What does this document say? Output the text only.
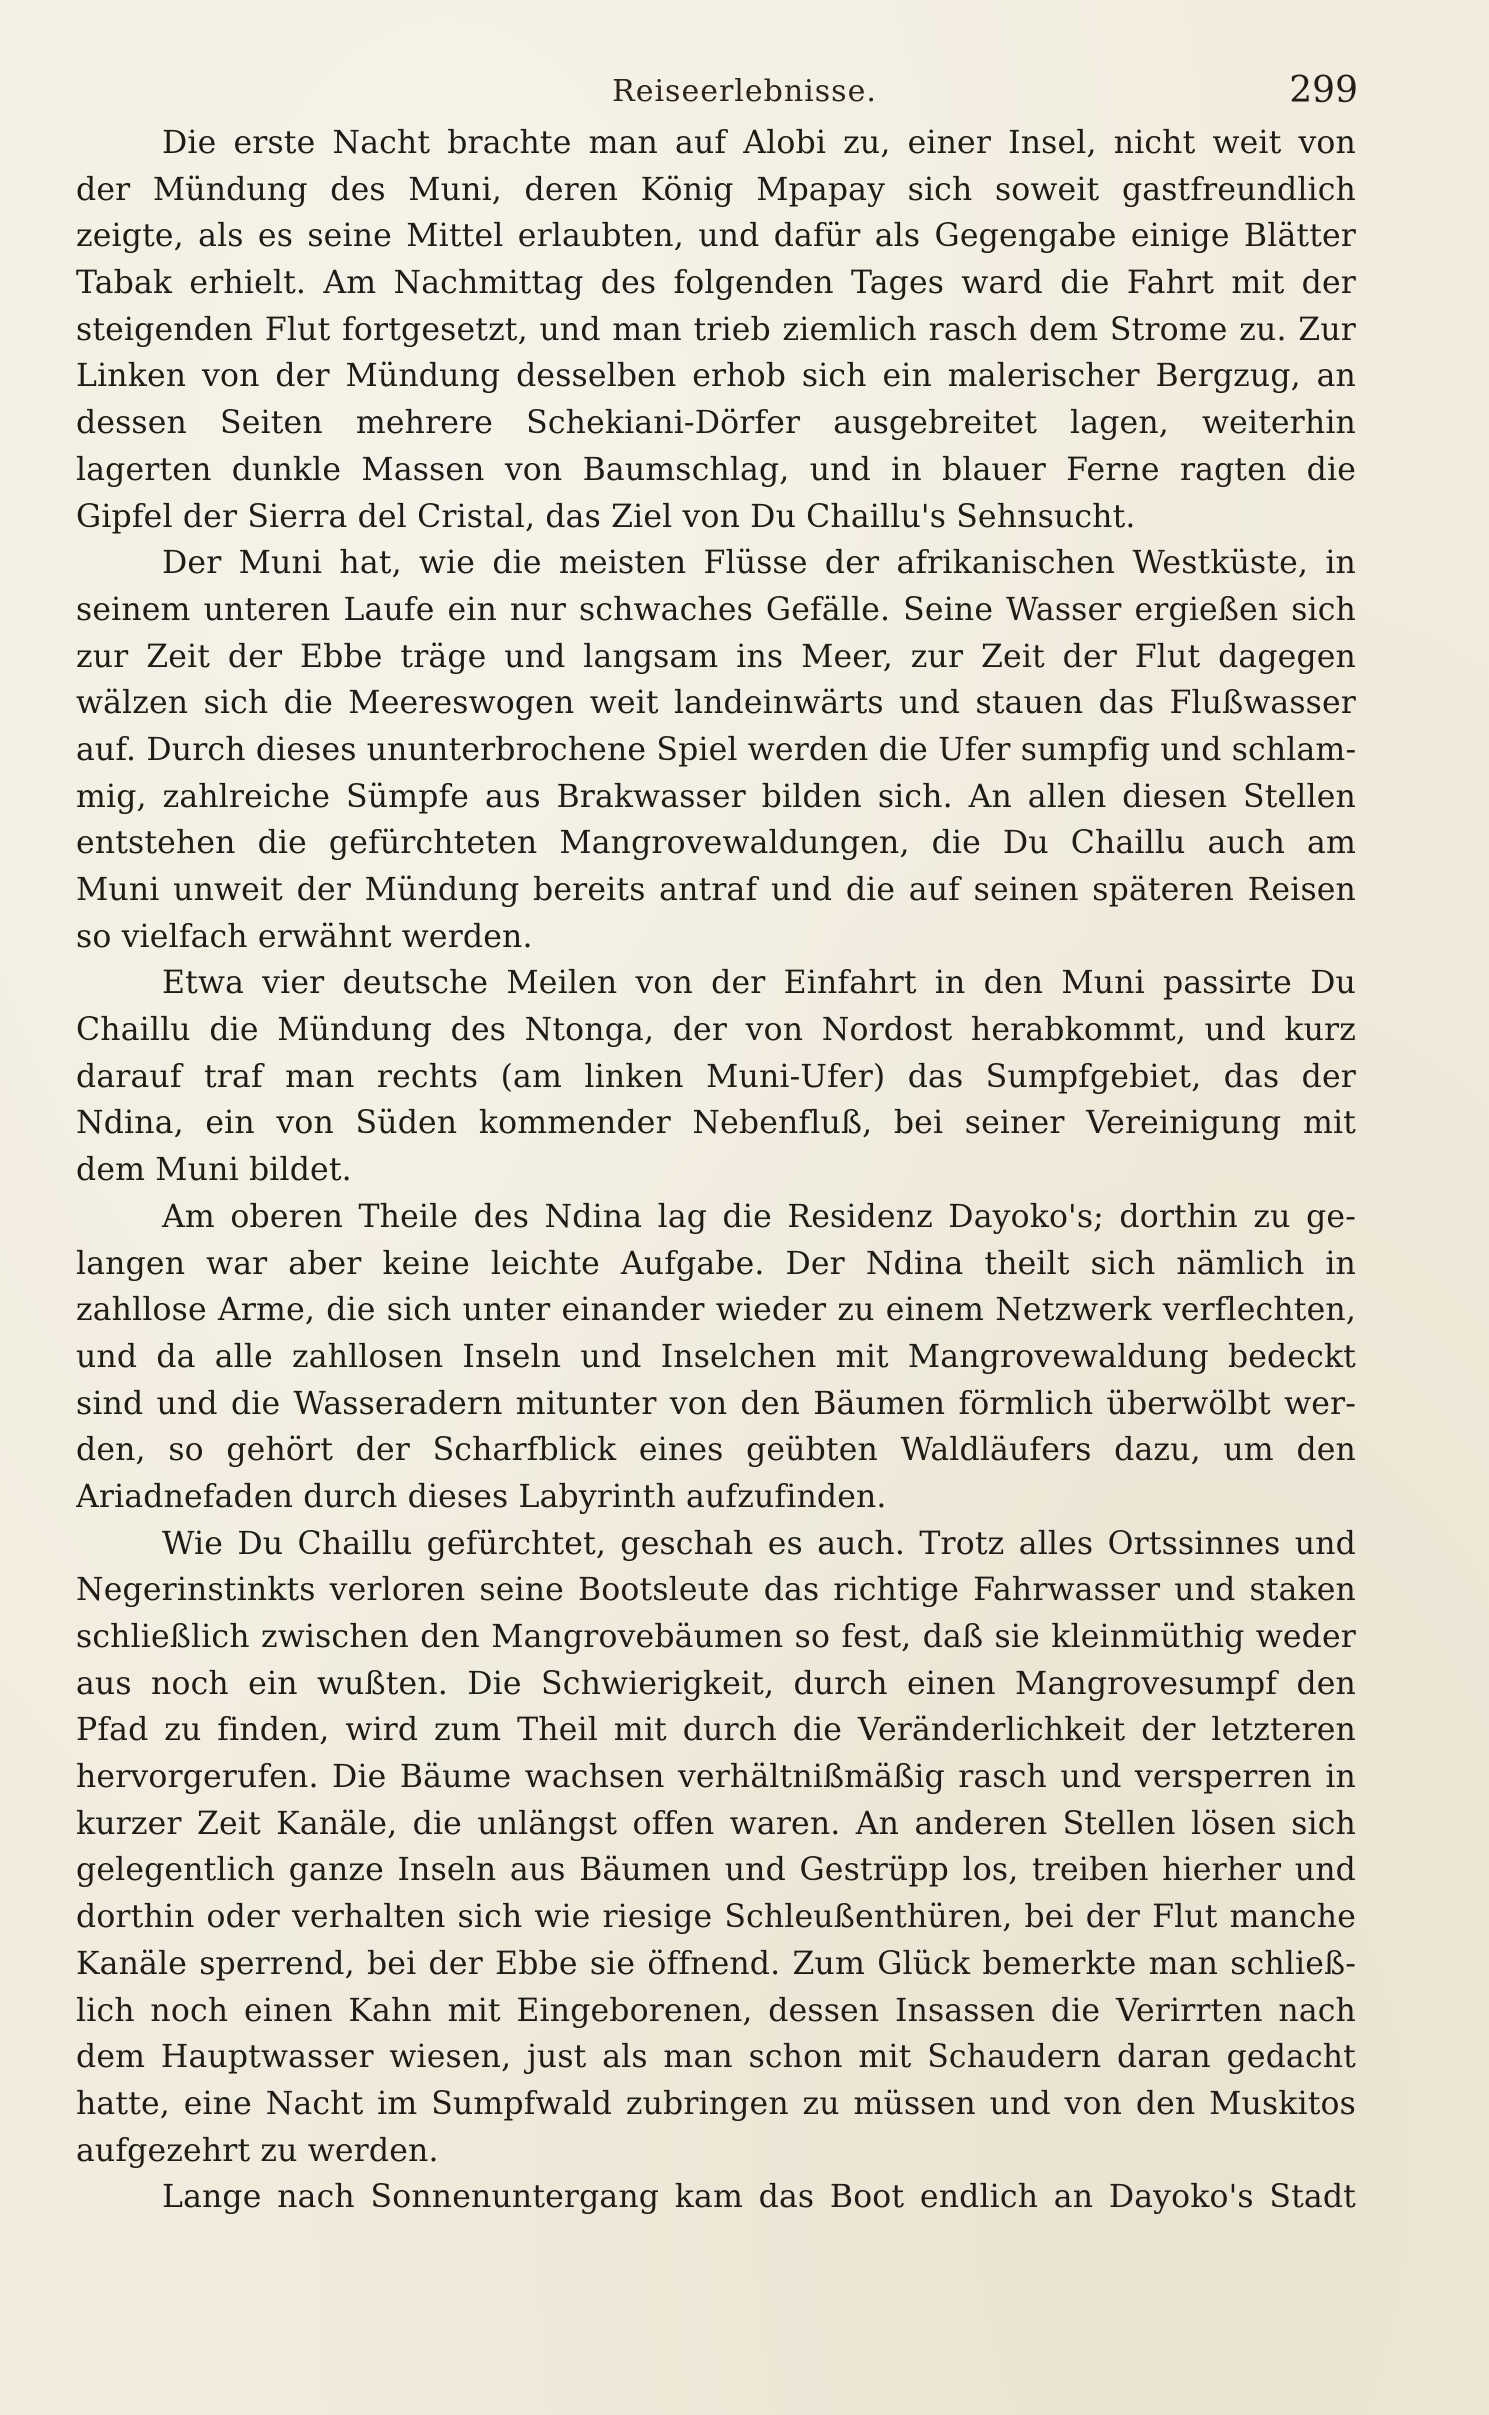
Reiseerlebnisse.	299
Die erste Nacht brachte man auf Alobi zu, einer Insel, nicht weit von
der Mündung des Muni, deren König Mpapay sich soweit gastfreundlich
zeigte, als es seine Mittel erlaubten, und dafür als Gegengabe einige Blätter
Tabak erhielt. Am Nachmittag des folgenden Tages ward die Fahrt mit der
steigenden Flut fortgesetzt, und man trieb ziemlich rasch dem Strome zu. Zur
Linken von der Mündung desselben erhob sich ein malerischer Bergzug, an
dessen Seiten mehrere Schekiani-Dörfer ausgebreitet lagen, weiterhin
lagerten dunkle Massen von Baumschlag, und in blauer Ferne ragten die
Gipfel der Sierra del Cristal, das Ziel von Du Chaillu's Sehnsucht.
Der Muni hat, wie die meisten Flüsse der afrikanischen Westküste, in
seinem unteren Laufe ein nur schwaches Gefälle. Seine Wasser ergießen sich
zur Zeit der Ebbe träge und langsam ins Meer, zur Zeit der Flut dagegen
wälzen sich die Meereswogen weit landeinwärts und stauen das Flußwasser
auf. Durch dieses ununterbrochene Spiel werden die Ufer sumpfig und schlam-
mig, zahlreiche Sümpfe aus Brakwasser bilden sich. An allen diesen Stellen
entstehen die gefürchteten Mangrovewaldungen, die Du Chaillu auch am
Muni unweit der Mündung bereits antraf und die auf seinen späteren Reisen
so vielfach erwähnt werden.
Etwa vier deutsche Meilen von der Einfahrt in den Muni passirte Du
Chaillu die Mündung des Ntonga, der von Nordost herabkommt, und kurz
darauf traf man rechts (am linken Muni-Ufer) das Sumpfgebiet, das der
Ndina, ein von Süden kommender Nebenfluß, bei seiner Vereinigung mit
dem Muni bildet.
Am oberen Theile des Ndina lag die Residenz Dayoko's; dorthin zu ge-
langen war aber keine leichte Aufgabe. Der Ndina theilt sich nämlich in
zahllose Arme, die sich unter einander wieder zu einem Netzwerk verflechten,
und da alle zahllosen Inseln und Inselchen mit Mangrovewaldung bedeckt
sind und die Wasseradern mitunter von den Bäumen förmlich überwölbt wer-
den, so gehört der Scharfblick eines geübten Waldläufers dazu, um den
Ariadnefaden durch dieses Labyrinth aufzufinden.
Wie Du Chaillu gefürchtet, geschah es auch. Trotz alles Ortssinnes und
Negerinstinkts verloren seine Bootsleute das richtige Fahrwasser und staken
schließlich zwischen den Mangrovebäumen so fest, daß sie kleinmüthig weder
aus noch ein wußten. Die Schwierigkeit, durch einen Mangrovesumpf den
Pfad zu finden, wird zum Theil mit durch die Veränderlichkeit der letzteren
hervorgerufen. Die Bäume wachsen verhältnißmäßig rasch und versperren in
kurzer Zeit Kanäle, die unlängst offen waren. An anderen Stellen lösen sich
gelegentlich ganze Inseln aus Bäumen und Gestrüpp los, treiben hierher und
dorthin oder verhalten sich wie riesige Schleußenthüren, bei der Flut manche
Kanäle sperrend, bei der Ebbe sie öffnend. Zum Glück bemerkte man schließ-
lich noch einen Kahn mit Eingeborenen, dessen Insassen die Verirrten nach
dem Hauptwasser wiesen, just als man schon mit Schaudern daran gedacht
hatte, eine Nacht im Sumpfwald zubringen zu müssen und von den Muskitos
aufgezehrt zu werden.
Lange nach Sonnenuntergang kam das Boot endlich an Dayoko's Stadt
